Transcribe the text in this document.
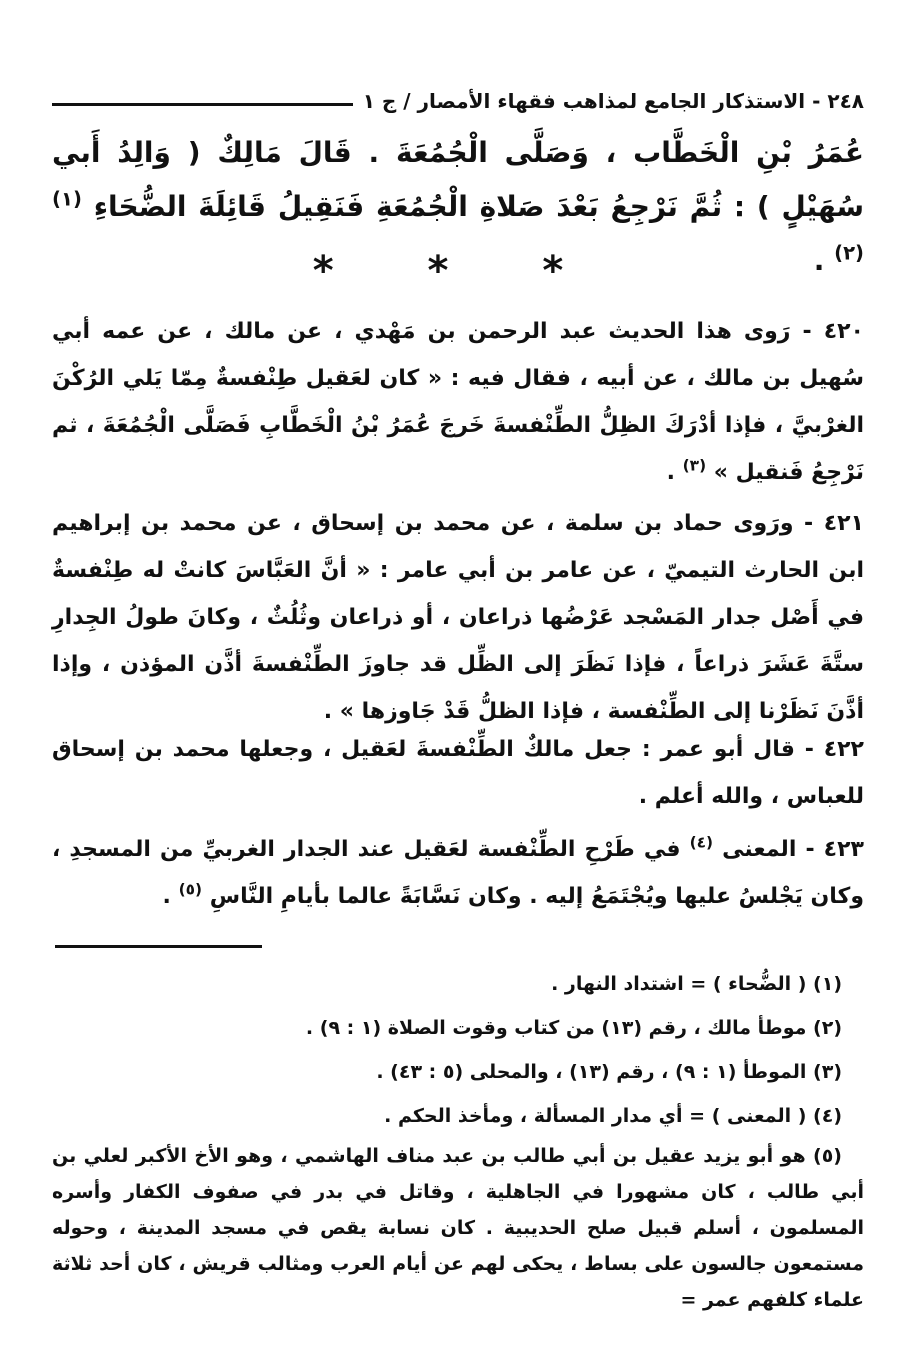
٢٤٨ - الاستذكار الجامع لمذاهب فقهاء الأمصار / ج ١
عُمَرُ بْنِ الْخَطَّاب ، وَصَلَّى الْجُمُعَةَ . قَالَ مَالِكٌ ( وَالِدُ أَبي سُهَيْلٍ ) : ثُمَّ نَرْجِعُ بَعْدَ صَلاةِ الْجُمُعَةِ فَنَقِيلُ قَائِلَةَ الضُّحَاءِ $^{(١) (٢)}$ .
* * *
٤٢٠ - رَوى هذا الحديث عبد الرحمن بن مَهْدي ، عن مالك ، عن عمه أبي سُهيل بن مالك ، عن أبيه ، فقال فيه : « كان لعَقيل طِنْفسةٌ مِمّا يَلي الرُكْنَ الغرْبيَّ ، فإذا أدْرَكَ الظِلُّ الطِّنْفسةَ خَرجَ عُمَرُ بْنُ الْخَطَّابِ فَصَلَّى الْجُمُعَةَ ، ثم نَرْجِعُ فَنقيل » $^{(٣)}$ .
٤٢١ - ورَوى حماد بن سلمة ، عن محمد بن إسحاق ، عن محمد بن إبراهيم ابن الحارث التيميّ ، عن عامر بن أبي عامر : « أنَّ العَبَّاسَ كانتْ له طِنْفسةٌ في أَصْل جدار المَسْجد عَرْضُها ذراعان ، أو ذراعان وثُلُثٌ ، وكانَ طولُ الجِدارِ ستَّةَ عَشَرَ ذراعاً ، فإذا نَظَرَ إلى الظِّل قد جاوزَ الطِّنْفسةَ أذَّن المؤذن ، وإذا أذَّنَ نَظَرْنا إلى الطِّنْفسة ، فإذا الظلُّ قَدْ جَاوزها » .
٤٢٢ - قال أبو عمر : جعل مالكٌ الطِّنْفسةَ لعَقيل ، وجعلها محمد بن إسحاق للعباس ، والله أعلم .
٤٢٣ - المعنى $^{(٤)}$ في طَرْحِ الطِّنْفسة لعَقيل عند الجدار الغربيِّ من المسجدِ ، وكان يَجْلسُ عليها ويُجْتَمَعُ إليه . وكان نَسَّابَةً عالما بأيامِ النَّاسِ $^{(٥)}$ .
(١) ( الضُّحاء ) = اشتداد النهار .
(٢) موطأ مالك ، رقم (١٣) من كتاب وقوت الصلاة (١ : ٩) .
(٣) الموطأ (١ : ٩) ، رقم (١٣) ، والمحلى (٥ : ٤٣) .
(٤) ( المعنى ) = أي مدار المسألة ، ومأخذ الحكم .
(٥) هو أبو يزيد عقيل بن أبي طالب بن عبد مناف الهاشمي ، وهو الأخ الأكبر لعلي بن أبي طالب ، كان مشهورا في الجاهلية ، وقاتل في بدر في صفوف الكفار وأسره المسلمون ، أسلم قبيل صلح الحديبية . كان نسابة يقص في مسجد المدينة ، وحوله مستمعون جالسون على بساط ، يحكى لهم عن أيام العرب ومثالب قريش ، كان أحد ثلاثة علماء كلفهم عمر =
